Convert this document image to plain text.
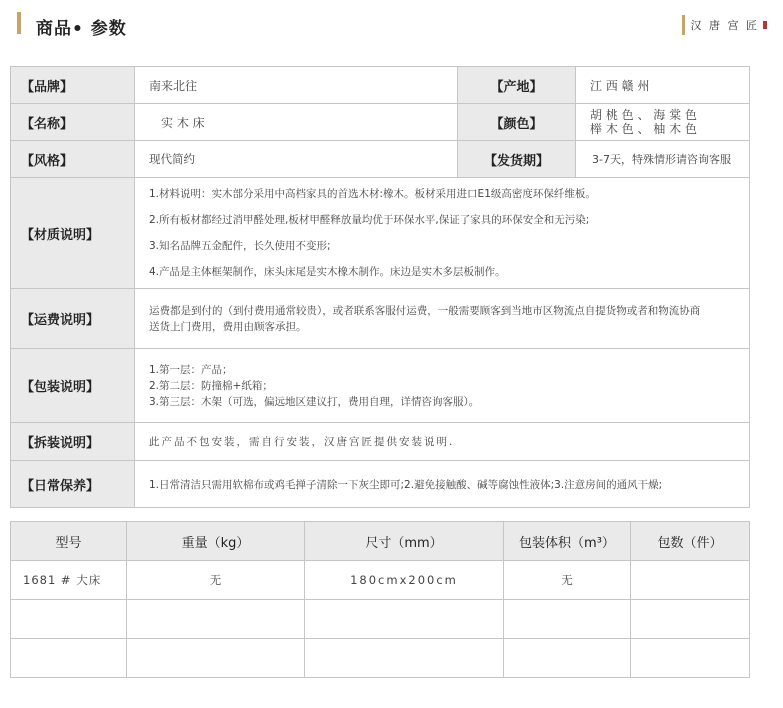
商品• 参数	汉 唐 宫 匠
【品牌】	南来北往	【产地】	江 西 赣 州
【名称】	实 木 床	【颜色】	胡 桃 色 、 海 棠 色
榉 木 色 、 柚 木 色

【风格】	现代简约	【发货期】	3-7天，特殊情形请咨询客服
【材质说明】	1.材料说明：实木部分采用中高档家具的首选木材:橡木。板材采用进口E1级高密度环保纤维板。
2.所有板材都经过消甲醛处理,板材甲醛释放量均优于环保水平,保证了家具的环保安全和无污染;
3.知名品牌五金配件，长久使用不变形;
4.产品是主体框架制作，床头床尾是实木橡木制作。床边是实木多层板制作。		

【运费说明】	运费都是到付的（到付费用通常较贵），或者联系客服付运费，一般需要顾客到当地市区物流点自提货物或者和物流协商
送货上门费用，费用由顾客承担。		

【包装说明】	1.第一层：产品；
2.第二层：防撞棉+纸箱；
3.第三层：木架（可选，偏远地区建议打，费用自理，详情咨询客服）。		

【拆装说明】	此产品不包安装，需自行安装，汉唐宫匠提供安装说明.		
【日常保养】	1.日常清洁只需用软棉布或鸡毛掸子清除一下灰尘即可;2.避免接触酸、碱等腐蚀性液体;3.注意房间的通风干燥;		
型号	重量（kg）	尺寸（mm）	包装体积（m³）	包数（件）
1681 # 大床	无	180cmx200cm	无	
